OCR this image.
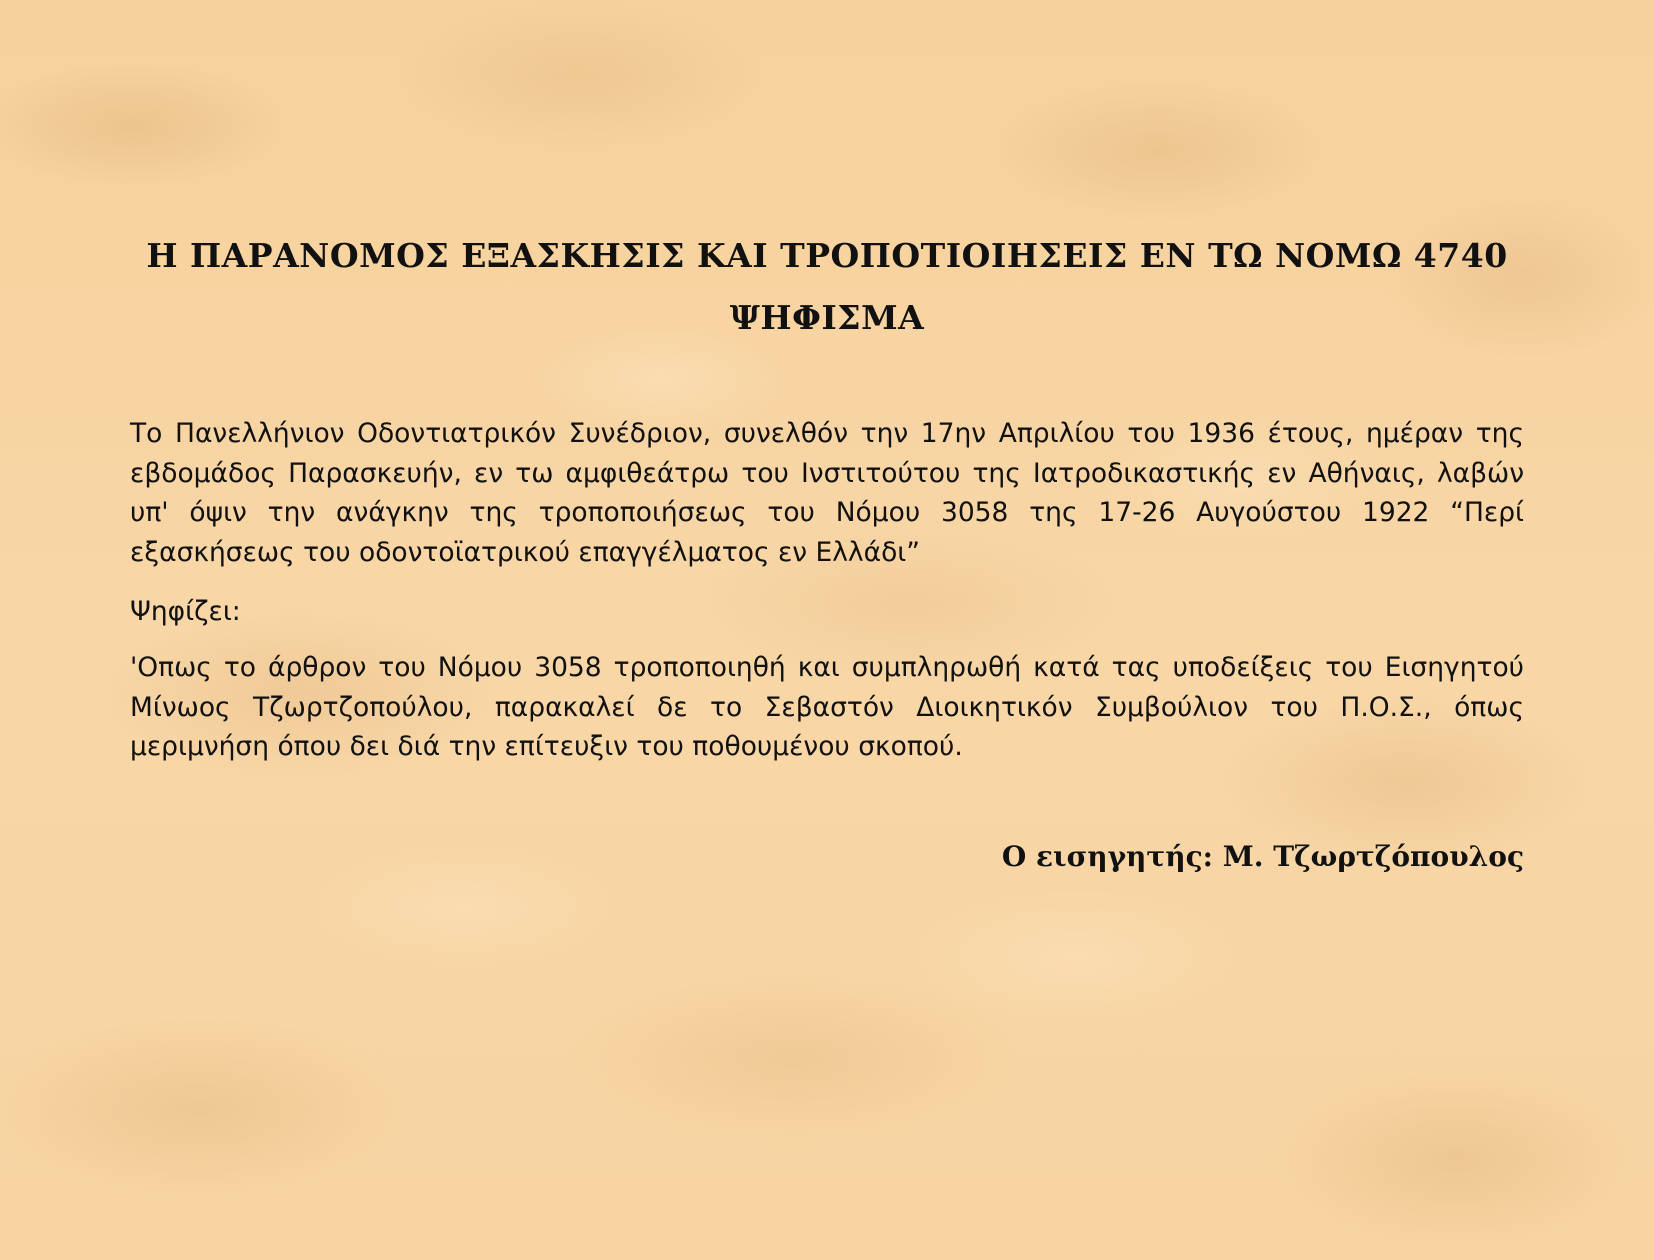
Η ΠΑΡΑΝΟΜΟΣ ΕΞΑΣΚΗΣΙΣ ΚΑΙ ΤΡΟΠΟΤΙΟΙΗΣΕΙΣ ΕΝ ΤΩ ΝΟΜΩ 4740
ΨΗΦΙΣΜΑ

Το Πανελλήνιον Οδοντιατρικόν Συνέδριον, συνελθόν την 17ην Απριλίου του 1936 έτους, ημέραν της εβδομάδος Παρασκευήν, εν τω αμφιθεάτρω του Ινστιτούτου της Ιατροδικαστικής εν Αθήναις, λαβών υπ' όψιν την ανάγκην της τροποποιήσεως του Νόμου 3058 της 17-26 Αυγούστου 1922 “Περί εξασκήσεως του οδοντοϊατρικού επαγγέλματος εν Ελλάδι”

Ψηφίζει:

'Οπως το άρθρον του Νόμου 3058 τροποποιηθή και συμπληρωθή κατά τας υποδείξεις του Εισηγητού Μίνωος Τζωρτζοπούλου, παρακαλεί δε το Σεβαστόν Διοικητικόν Συμβούλιον του Π.Ο.Σ., όπως μεριμνήση όπου δει διά την επίτευξιν του ποθουμένου σκοπού.

Ο εισηγητής: Μ. Τζωρτζόπουλος
